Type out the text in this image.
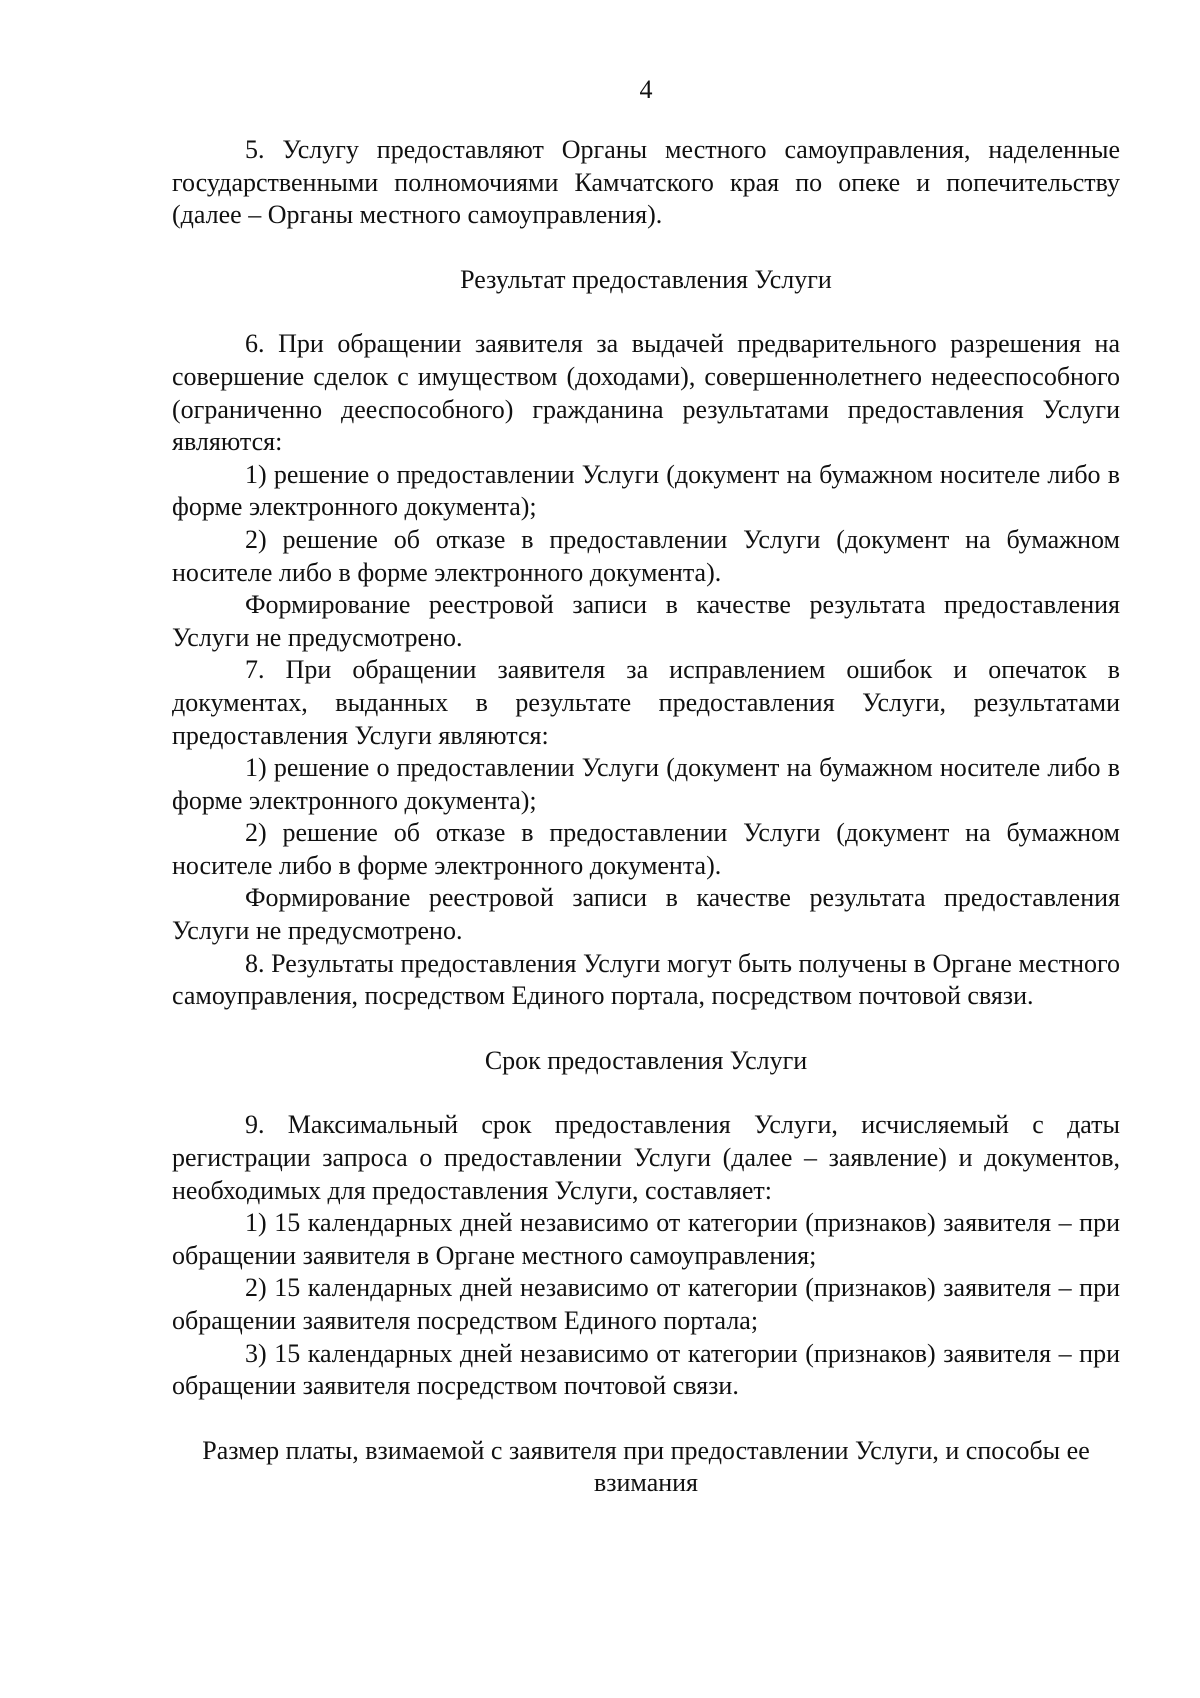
4

5. Услугу предоставляют Органы местного самоуправления, наделенные государственными полномочиями Камчатского края по опеке и попечительству (далее – Органы местного самоуправления).

Результат предоставления Услуги

6. При обращении заявителя за выдачей предварительного разрешения на совершение сделок с имуществом (доходами), совершеннолетнего недееспособного (ограниченно дееспособного) гражданина результатами предоставления Услуги являются:

1) решение о предоставлении Услуги (документ на бумажном носителе либо в форме электронного документа);

2) решение об отказе в предоставлении Услуги (документ на бумажном носителе либо в форме электронного документа).

Формирование реестровой записи в качестве результата предоставления Услуги не предусмотрено.

7. При обращении заявителя за исправлением ошибок и опечаток в документах, выданных в результате предоставления Услуги, результатами предоставления Услуги являются:

1) решение о предоставлении Услуги (документ на бумажном носителе либо в форме электронного документа);

2) решение об отказе в предоставлении Услуги (документ на бумажном носителе либо в форме электронного документа).

Формирование реестровой записи в качестве результата предоставления Услуги не предусмотрено.

8. Результаты предоставления Услуги могут быть получены в Органе местного самоуправления, посредством Единого портала, посредством почтовой связи.

Срок предоставления Услуги

9. Максимальный срок предоставления Услуги, исчисляемый с даты регистрации запроса о предоставлении Услуги (далее – заявление) и документов, необходимых для предоставления Услуги, составляет:

1) 15 календарных дней независимо от категории (признаков) заявителя – при обращении заявителя в Органе местного самоуправления;

2) 15 календарных дней независимо от категории (признаков) заявителя – при обращении заявителя посредством Единого портала;

3) 15 календарных дней независимо от категории (признаков) заявителя – при обращении заявителя посредством почтовой связи.

Размер платы, взимаемой с заявителя при предоставлении Услуги, и способы ее взимания
